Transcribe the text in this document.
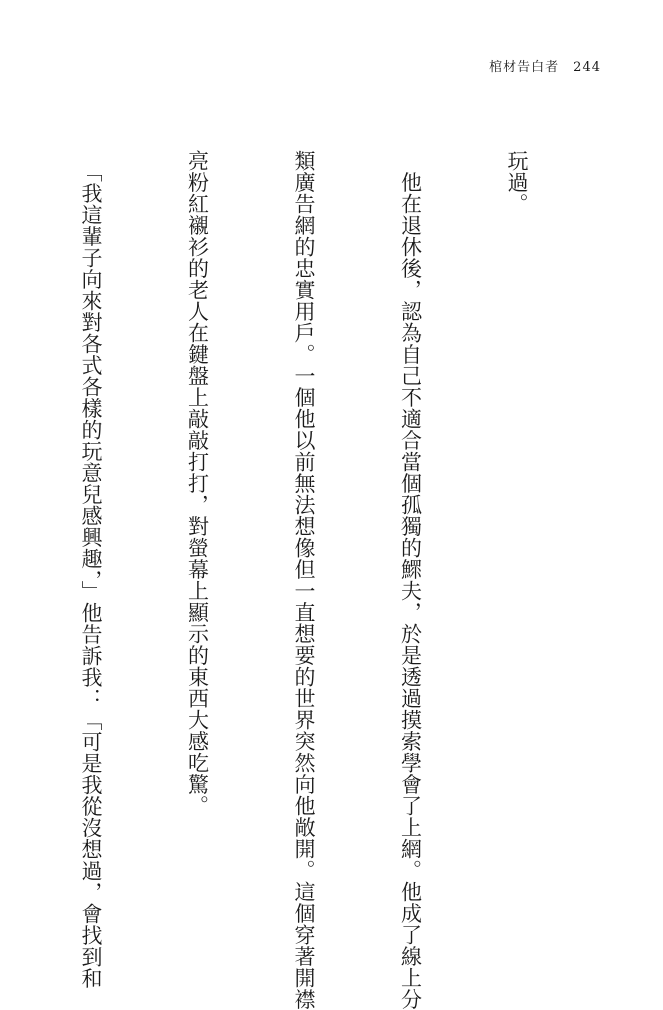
棺材告白者 244

玩過。

　他在退休後，認為自己不適合當個孤獨的鰥夫，於是透過摸索學會了上網。他成了線上分

類廣告網的忠實用戶。一個他以前無法想像但一直想要的世界突然向他敞開。這個穿著開襟

亮粉紅襯衫的老人在鍵盤上敲敲打打，對螢幕上顯示的東西大感吃驚。

　「我這輩子向來對各式各樣的玩意兒感興趣，」他告訴我：「可是我從沒想過，會找到和
